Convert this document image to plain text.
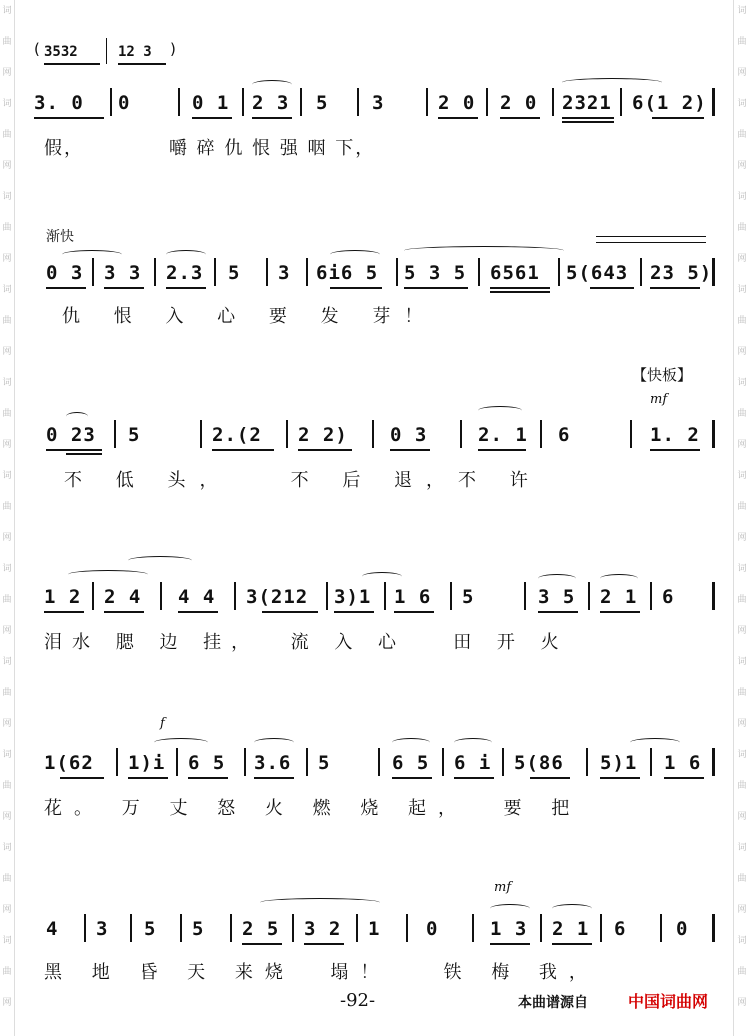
( 3532	12 3 )
3. 0 0	0 1 2 3 5 3	2 0 2 0 2321 6(1 2)
假，           嚼 碎 仇 恨 强 咽 下，
渐快
0 3 3 3 2.3 5 3 6i6 5 5 3 5 6561 5(643 23 5)
仇 恨 入 心 要 发 芽！
【快板】
mf
0 23 5	2.(2 2 2) 0 3	2. 1 6	1. 2
不 低 头，   不 后 退，不 许
1 2 2 4 4 4 3(212 3)1 1 6 5	3 5 2 1 6
泪水 腮 边 挂，  流 入 心   田 开 火
f
1(62 1)i 6 5 3.6 5	6 5 6 i 5(86 5)1 1 6
花。 万 丈 怒 火 燃 烧 起，  要 把
mf
4 3 5 5 2 5 3 2 1 0	1 3 2 1 6	0
黑 地 昏 天 来烧  塌！   铁 梅 我，
-92-	本曲谱源自	中国词曲网
词
曲
网
词
曲
网
词
曲
网
词
曲
网
词
曲
网
词
曲
网
词
曲
网
词
曲
网
词
曲
网
词
曲
网
词
曲
网
词
曲
网
词
曲
网
词
曲
网
词
曲
网
词
曲
网
词
曲
网
词
曲
网
词
曲
网
词
曲
网
词
曲
网
词
曲
网
